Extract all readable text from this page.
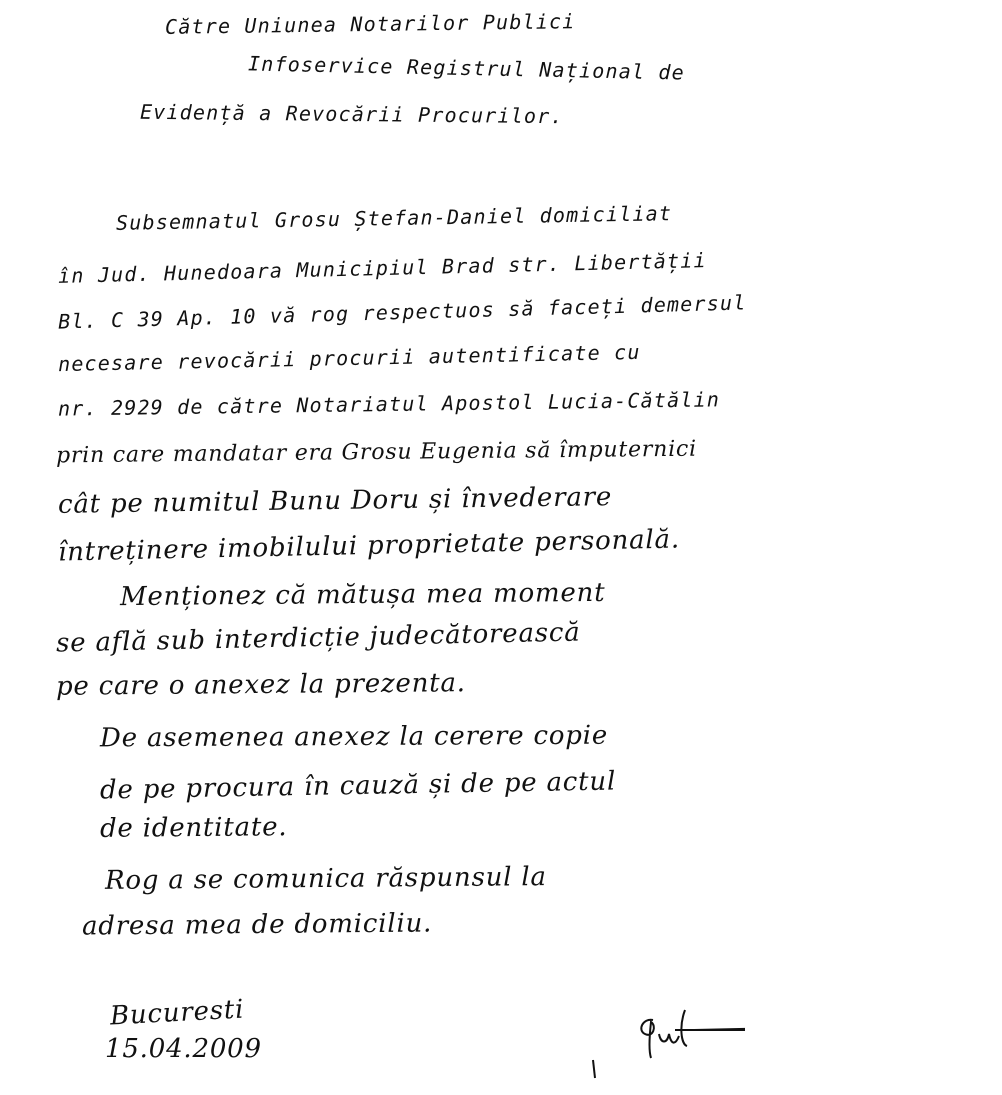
Către Uniunea Notarilor Publici
Infoservice Registrul Național de
Evidență a Revocării Procurilor.
Subsemnatul Grosu Ștefan-Daniel domiciliat
în Jud. Hunedoara Municipiul Brad str. Libertății
Bl. C 39 Ap. 10 vă rog respectuos să faceți demersul
necesare revocării procurii autentificate cu
nr. 2929 de către Notariatul Apostol Lucia-Cătălin
prin care mandatar era Grosu Eugenia să împuternici
cât pe numitul Bunu Doru și învederare
întreținere imobilului proprietate personală.
Menționez că mătușa mea moment
se află sub interdicție judecătorească
pe care o anexez la prezenta.
De asemenea anexez la cerere copie
de pe procura în cauză și de pe actul
de identitate.
Rog a se comunica răspunsul la
adresa mea de domiciliu.
Bucuresti
15.04.2009
